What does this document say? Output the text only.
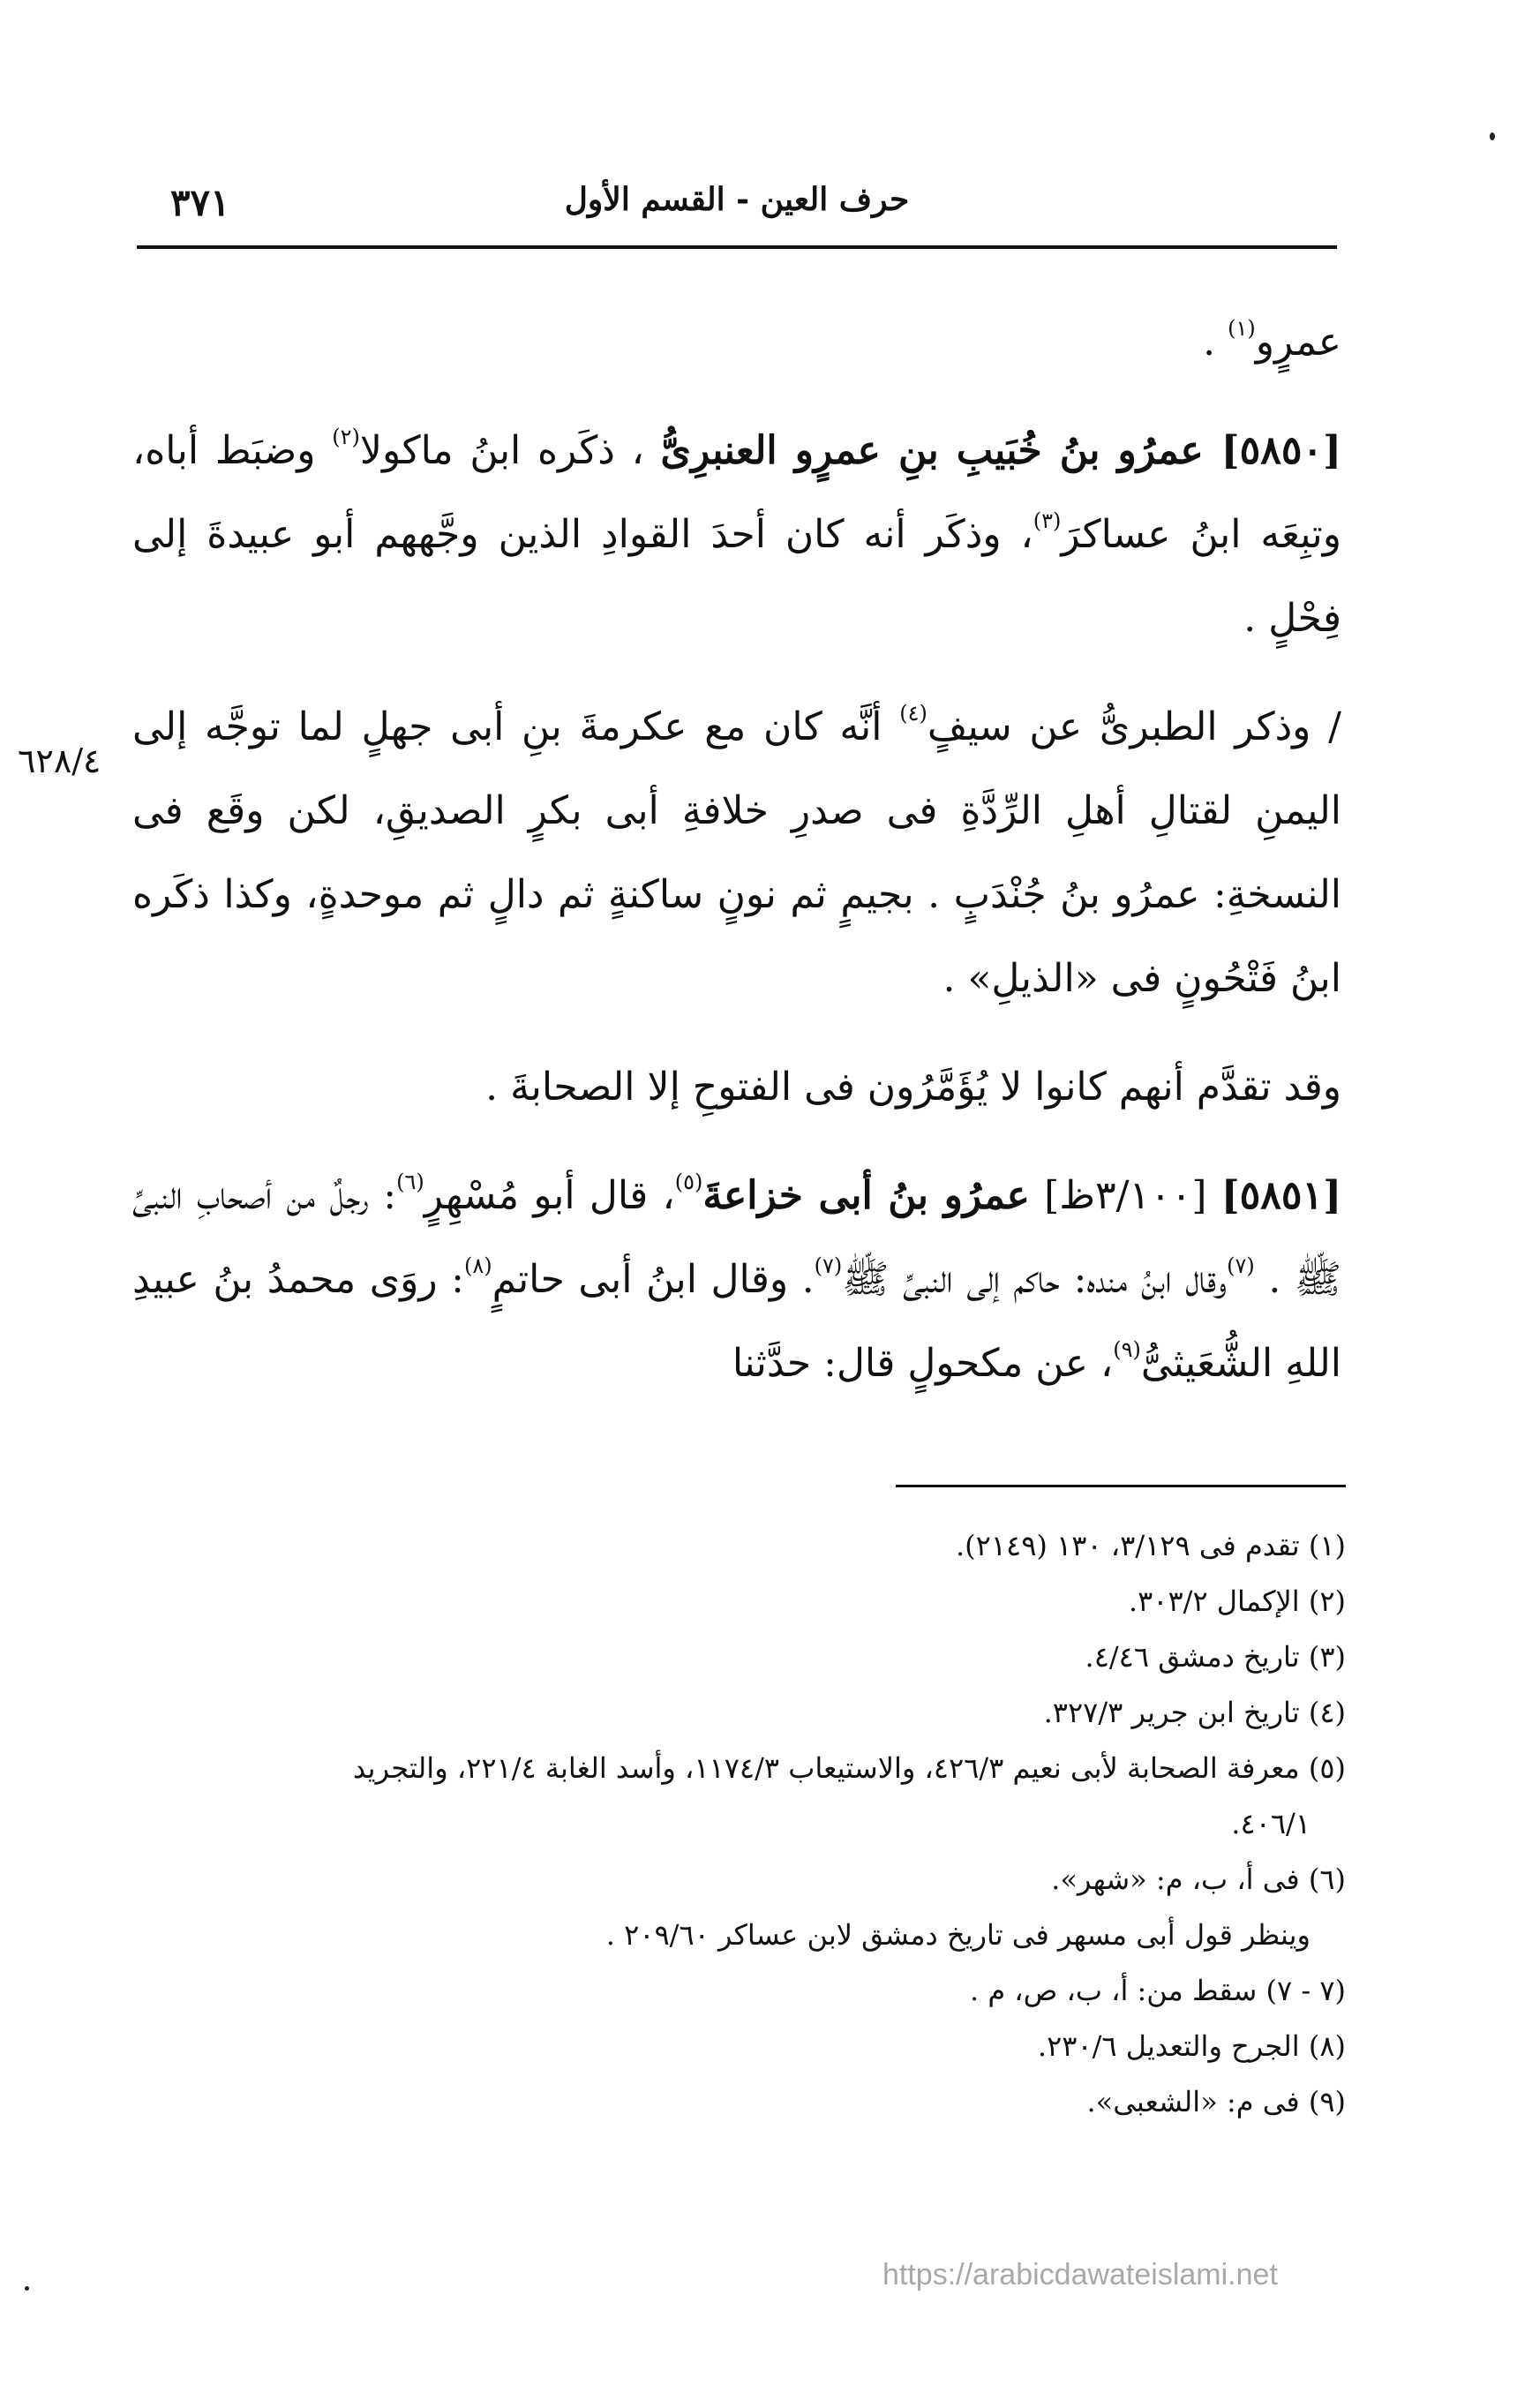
٣٧١	حرف العين - القسم الأول
٦٢٨/٤

عمرٍو$^{(١)}$ .

[٥٨٥٠] عمرُو بنُ خُبَيبِ بنِ عمرٍو العنبرِىُّ ، ذكَره ابنُ ماكولا$^{(٢)}$ وضبَط أباه، وتبِعَه ابنُ عساكرَ$^{(٣)}$، وذكَر أنه كان أحدَ القوادِ الذين وجَّههم أبو عبيدةَ إلى فِحْلٍ .

/ وذكر الطبرىُّ عن سيفٍ$^{(٤)}$ أنَّه كان مع عكرمةَ بنِ أبى جهلٍ لما توجَّه إلى اليمنِ لقتالِ أهلِ الرِّدَّةِ فى صدرِ خلافةِ أبى بكرٍ الصديقِ، لكن وقَع فى النسخةِ: عمرُو بنُ جُنْدَبٍ . بجيمٍ ثم نونٍ ساكنةٍ ثم دالٍ ثم موحدةٍ، وكذا ذكَره ابنُ فَتْحُونٍ فى «الذيلِ» .

وقد تقدَّم أنهم كانوا لا يُؤَمَّرُون فى الفتوحِ إلا الصحابةَ .

[٥٨٥١] [٣/١٠٠ظ] عمرُو بنُ أبى خزاعةَ$^{(٥)}$، قال أبو مُسْهِرٍ$^{(٦)}$: رجلٌ من أصحابِ النبىِّ ﷺ . $^{(٧)}$وقال ابنُ منده: حاكم إلى النبىِّ ﷺ$^{(٧)}$. وقال ابنُ أبى حاتمٍ$^{(٨)}$: روَى محمدُ بنُ عبيدِ اللهِ الشُّعَيثىُّ$^{(٩)}$، عن مكحولٍ قال: حدَّثنا

(١) تقدم فى ٣/١٢٩، ١٣٠ (٢١٤٩).

(٢) الإكمال ٣٠٣/٢.

(٣) تاريخ دمشق ٤/٤٦.

(٤) تاريخ ابن جرير ٣٢٧/٣.

(٥) معرفة الصحابة لأبى نعيم ٤٢٦/٣، والاستيعاب ١١٧٤/٣، وأسد الغابة ٢٢١/٤، والتجريد

٤٠٦/١.

(٦) فى أ، ب، م: «شهر».

وينظر قول أبى مسهر فى تاريخ دمشق لابن عساكر ٢٠٩/٦٠ .

(٧ - ٧) سقط من: أ، ب، ص، م .

(٨) الجرح والتعديل ٢٣٠/٦.

(٩) فى م: «الشعبى».

https://arabicdawateislami.net
